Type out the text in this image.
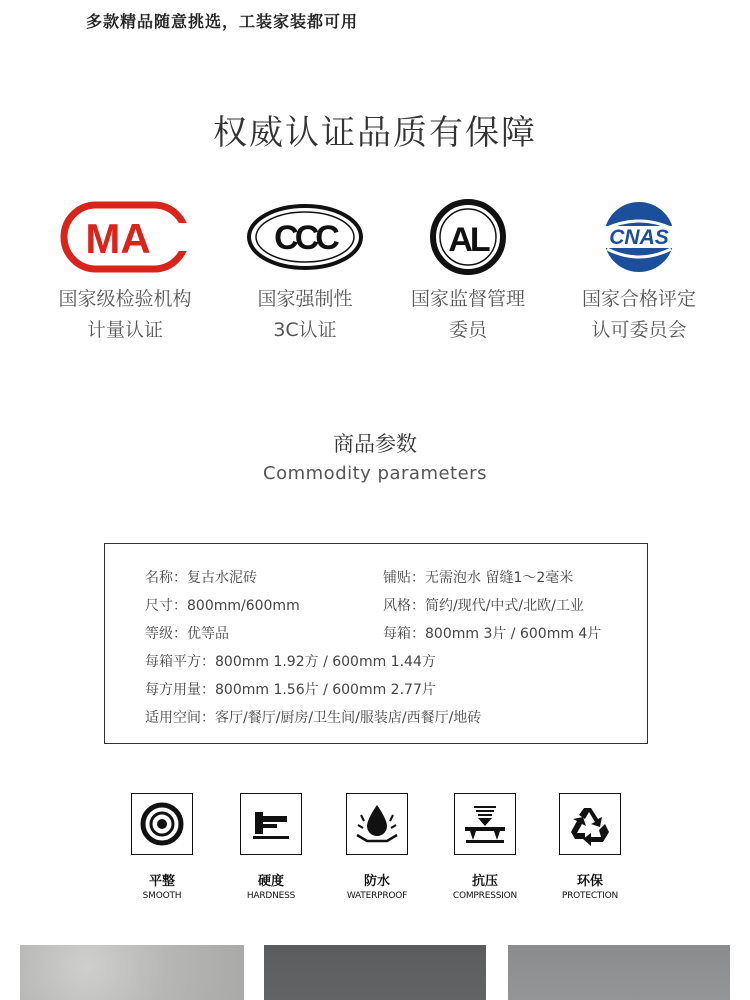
多款精品随意挑选，工装家装都可用
权威认证品质有保障
MA
国家级检验机构
计量认证
CCC
国家强制性
3C认证
AL
国家监督管理
委员
CNAS
国家合格评定
认可委员会
商品参数
Commodity parameters
名称：复古水泥砖
尺寸：800mm/600mm
等级：优等品
每箱平方：800mm 1.92方 / 600mm 1.44方
每方用量：800mm 1.56片 / 600mm 2.77片
适用空间：客厅/餐厅/厨房/卫生间/服装店/西餐厅/地砖
铺贴：无需泡水 留缝1～2毫米
风格：简约/现代/中式/北欧/工业
每箱：800mm 3片 / 600mm 4片
平整
SMOOTH
硬度
HARDNESS
防水
WATERPROOF
抗压
COMPRESSION
环保
PROTECTION
